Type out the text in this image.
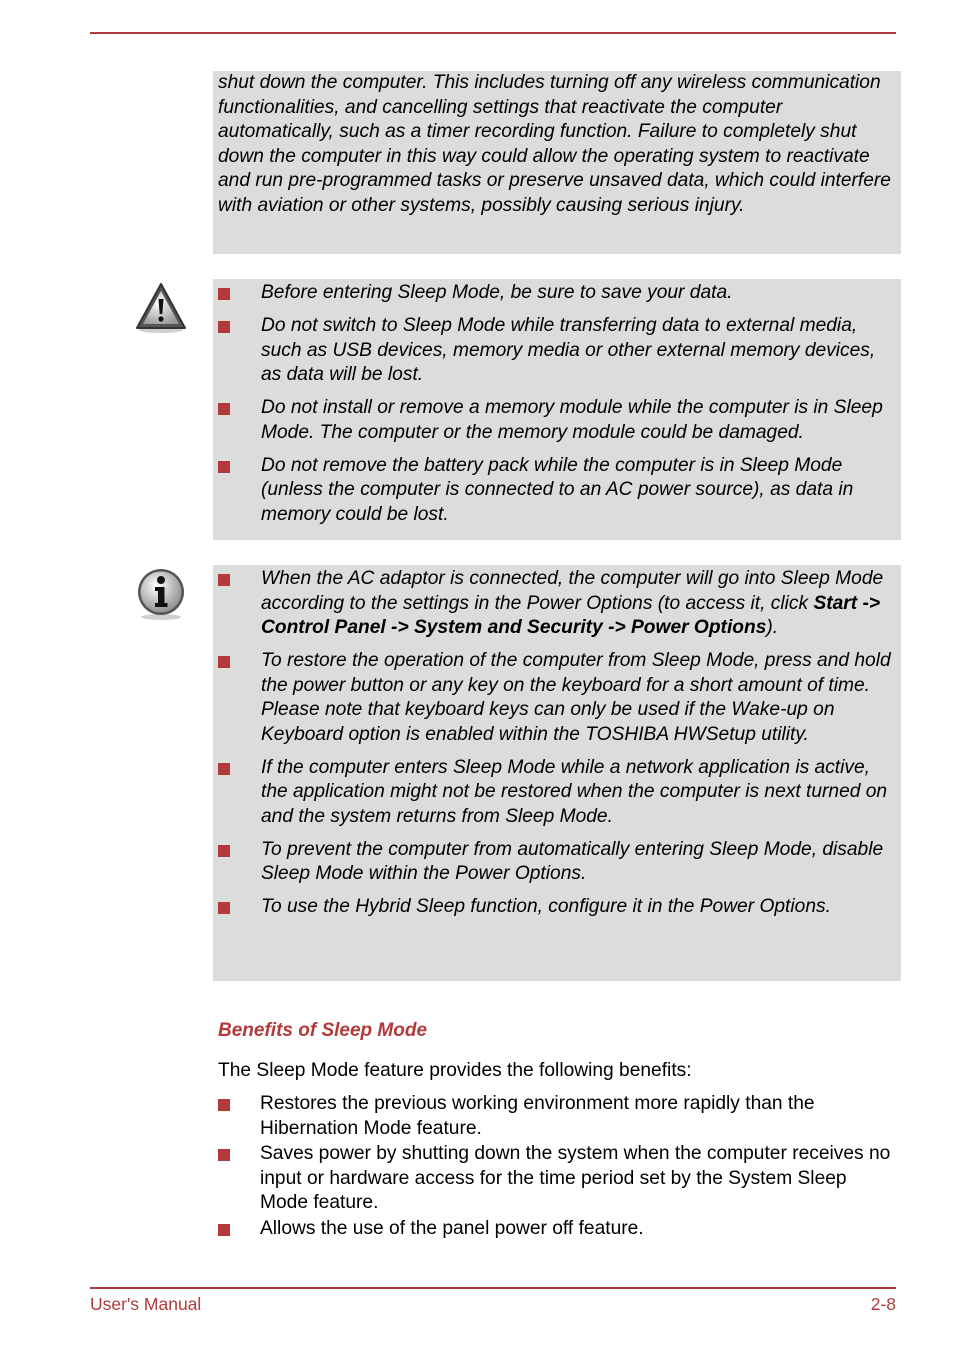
shut down the computer. This includes turning off any wireless communication functionalities, and cancelling settings that reactivate the computer automatically, such as a timer recording function. Failure to completely shut down the computer in this way could allow the operating system to reactivate and run pre-programmed tasks or preserve unsaved data, which could interfere with aviation or other systems, possibly causing serious injury.

Before entering Sleep Mode, be sure to save your data.
Do not switch to Sleep Mode while transferring data to external media, such as USB devices, memory media or other external memory devices, as data will be lost.
Do not install or remove a memory module while the computer is in Sleep Mode. The computer or the memory module could be damaged.
Do not remove the battery pack while the computer is in Sleep Mode (unless the computer is connected to an AC power source), as data in memory could be lost.
When the AC adaptor is connected, the computer will go into Sleep Mode according to the settings in the Power Options (to access it, click Start -> Control Panel -> System and Security -> Power Options).
To restore the operation of the computer from Sleep Mode, press and hold the power button or any key on the keyboard for a short amount of time. Please note that keyboard keys can only be used if the Wake-up on Keyboard option is enabled within the TOSHIBA HWSetup utility.
If the computer enters Sleep Mode while a network application is active, the application might not be restored when the computer is next turned on and the system returns from Sleep Mode.
To prevent the computer from automatically entering Sleep Mode, disable Sleep Mode within the Power Options.
To use the Hybrid Sleep function, configure it in the Power Options.
Benefits of Sleep Mode

The Sleep Mode feature provides the following benefits:

Restores the previous working environment more rapidly than the Hibernation Mode feature.
Saves power by shutting down the system when the computer receives no input or hardware access for the time period set by the System Sleep Mode feature.
Allows the use of the panel power off feature.
User's Manual	2-8
